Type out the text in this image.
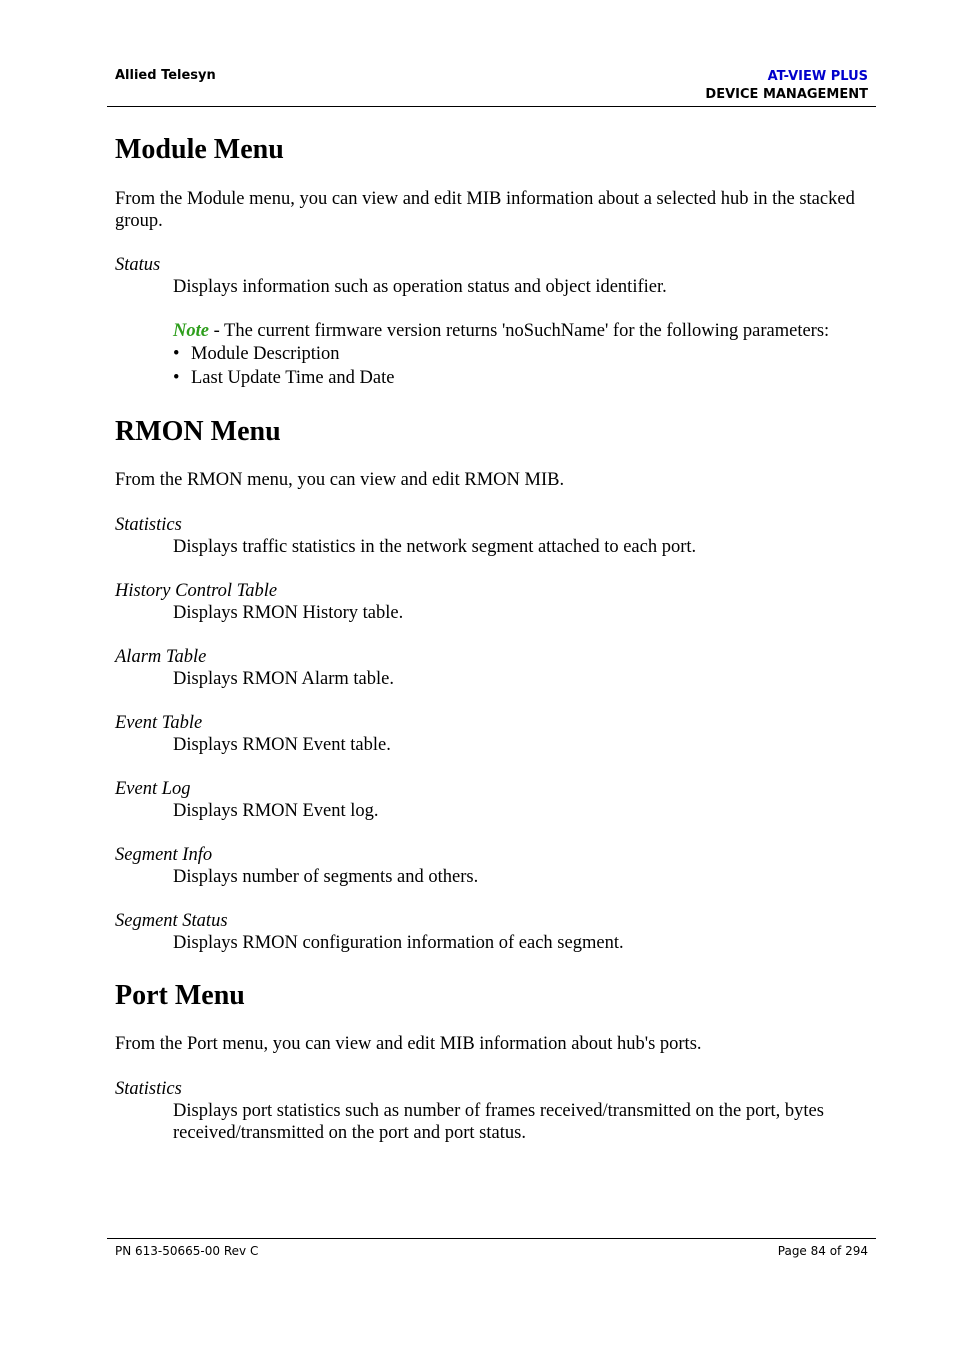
Allied Telesyn	AT-VIEW PLUS
DEVICE MANAGEMENT
Module Menu

From the Module menu, you can view and edit MIB information about a selected hub in the stacked group.

Status

Displays information such as operation status and object identifier.

Note - The current firmware version returns 'noSuchName' for the following parameters:

• Module Description
• Last Update Time and Date
RMON Menu

From the RMON menu, you can view and edit RMON MIB.

Statistics

Displays traffic statistics in the network segment attached to each port.

History Control Table

Displays RMON History table.

Alarm Table

Displays RMON Alarm table.

Event Table

Displays RMON Event table.

Event Log

Displays RMON Event log.

Segment Info

Displays number of segments and others.

Segment Status

Displays RMON configuration information of each segment.

Port Menu

From the Port menu, you can view and edit MIB information about hub's ports.

Statistics

Displays port statistics such as number of frames received/transmitted on the port, bytes received/transmitted on the port and port status.

PN 613-50665-00 Rev C	Page 84 of 294
